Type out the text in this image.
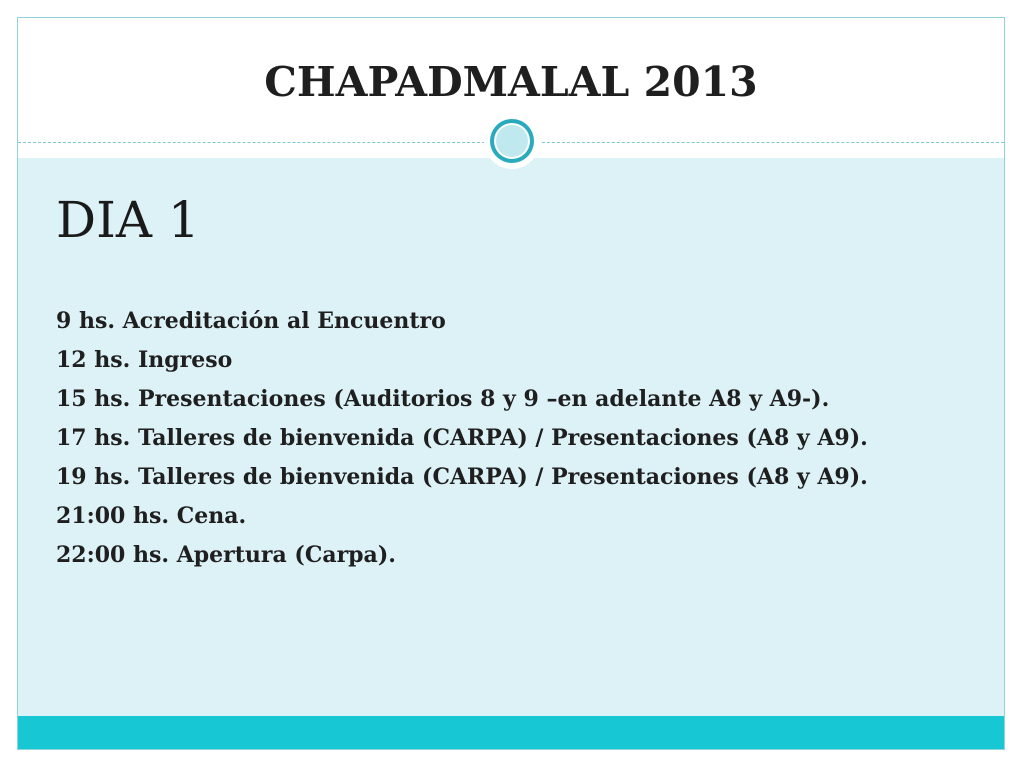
CHAPADMALAL 2013
DIA 1
9 hs. Acreditación al Encuentro
12 hs. Ingreso
15 hs. Presentaciones (Auditorios 8 y 9 –en adelante A8 y A9-).
17 hs. Talleres de bienvenida (CARPA) / Presentaciones (A8 y A9).
19 hs. Talleres de bienvenida (CARPA) / Presentaciones (A8 y A9).
21:00 hs. Cena.
22:00 hs. Apertura (Carpa).
